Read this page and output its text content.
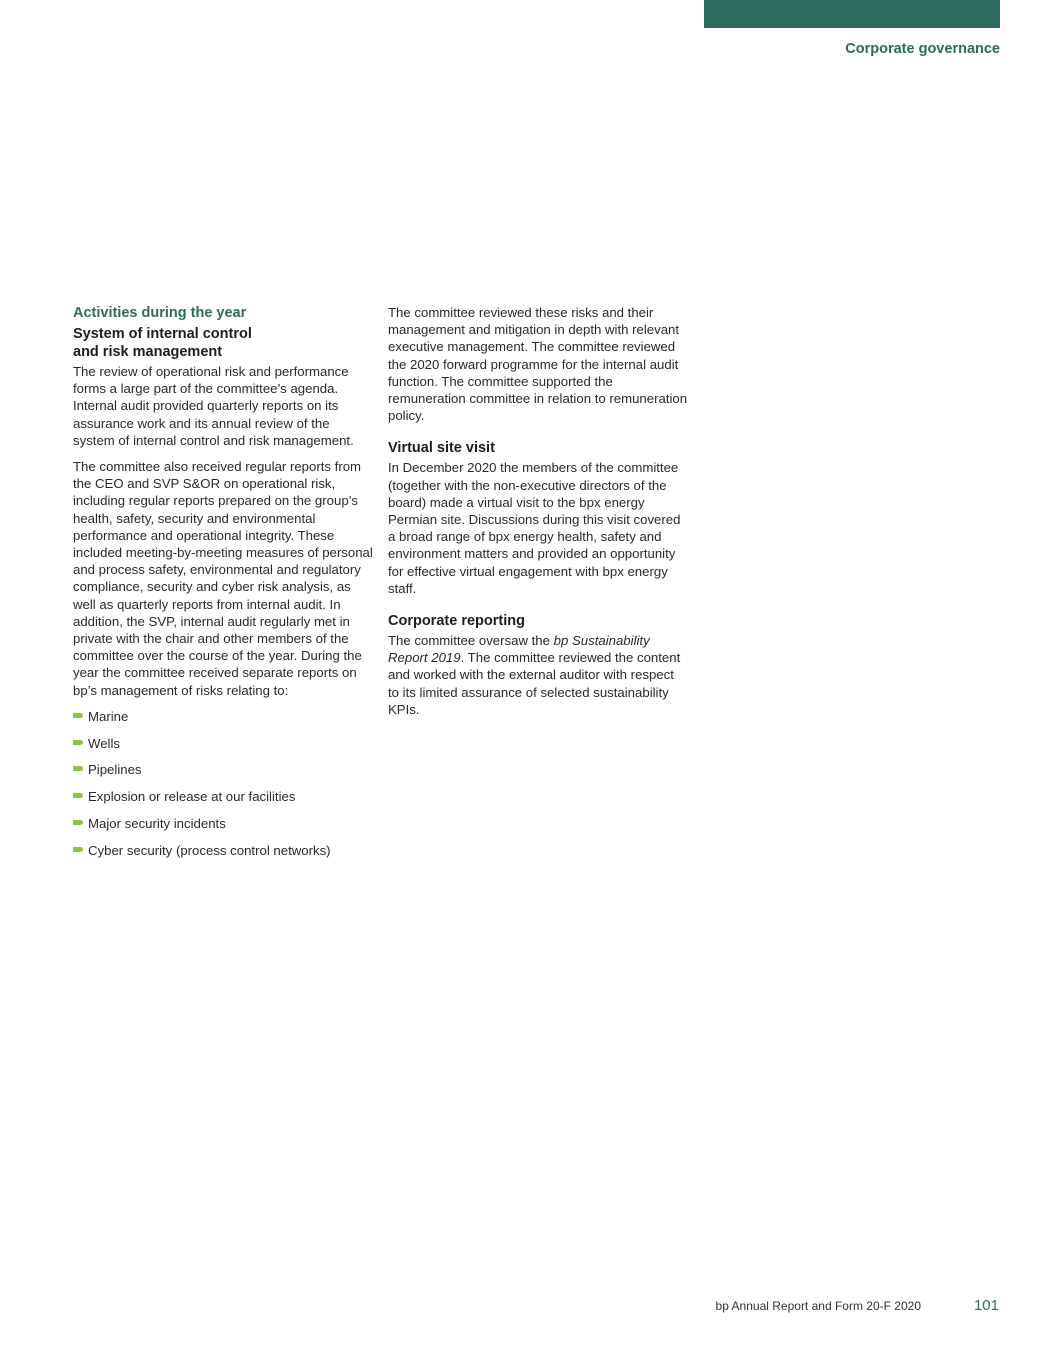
Corporate governance
Activities during the year
System of internal control
and risk management

The review of operational risk and performance forms a large part of the committee’s agenda. Internal audit provided quarterly reports on its assurance work and its annual review of the system of internal control and risk management.

The committee also received regular reports from the CEO and SVP S&OR on operational risk, including regular reports prepared on the group’s health, safety, security and environmental performance and operational integrity. These included meeting-by-meeting measures of personal and process safety, environmental and regulatory compliance, security and cyber risk analysis, as well as quarterly reports from internal audit. In addition, the SVP, internal audit regularly met in private with the chair and other members of the committee over the course of the year. During the year the committee received separate reports on bp’s management of risks relating to:

Marine
Wells
Pipelines
Explosion or release at our facilities
Major security incidents
Cyber security (process control networks)

The committee reviewed these risks and their management and mitigation in depth with relevant executive management. The committee reviewed the 2020 forward programme for the internal audit function. The committee supported the remuneration committee in relation to remuneration policy.

Virtual site visit

In December 2020 the members of the committee (together with the non-executive directors of the board) made a virtual visit to the bpx energy Permian site. Discussions during this visit covered a broad range of bpx energy health, safety and environment matters and provided an opportunity for effective virtual engagement with bpx energy staff.

Corporate reporting

The committee oversaw the bp Sustainability Report 2019. The committee reviewed the content and worked with the external auditor with respect to its limited assurance of selected sustainability KPIs.

bp Annual Report and Form 20-F 2020	101
